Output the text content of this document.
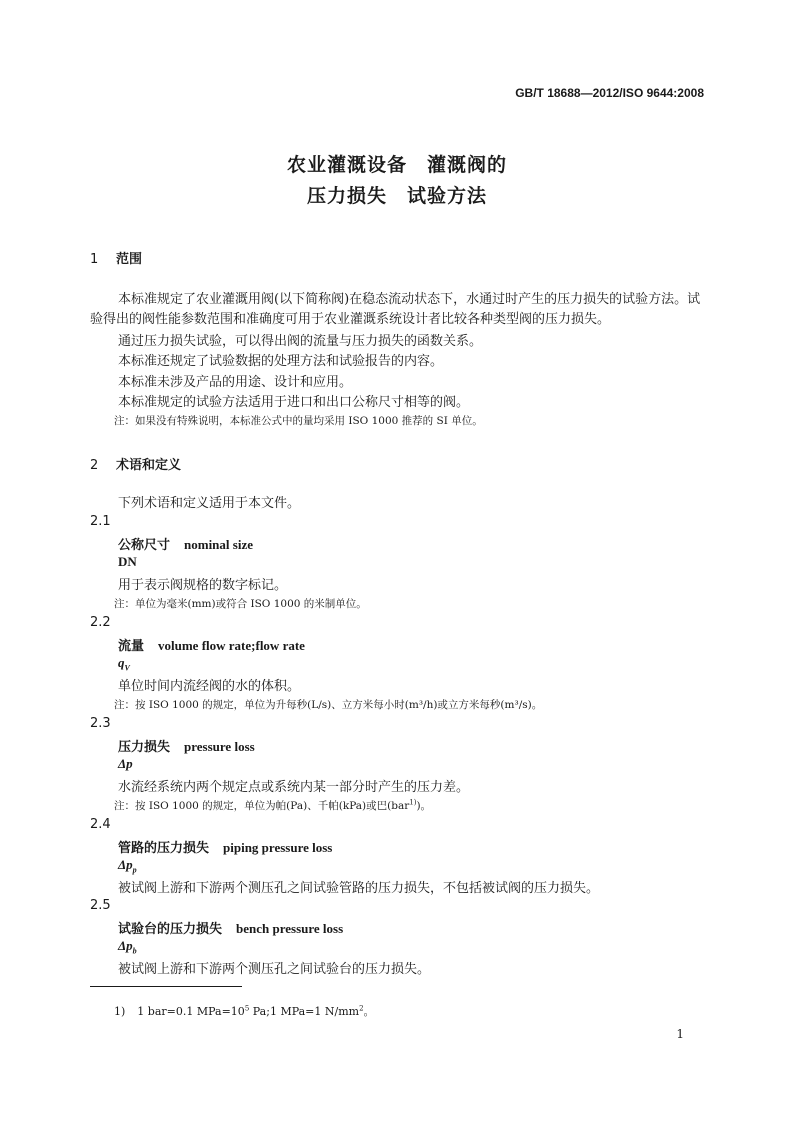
GB/T 18688—2012/ISO 9644:2008
农业灌溉设备　灌溉阀的
压力损失　试验方法
1 范围
本标准规定了农业灌溉用阀(以下简称阀)在稳态流动状态下，水通过时产生的压力损失的试验方法。试验得出的阀性能参数范围和准确度可用于农业灌溉系统设计者比较各种类型阀的压力损失。
通过压力损失试验，可以得出阀的流量与压力损失的函数关系。
本标准还规定了试验数据的处理方法和试验报告的内容。
本标准未涉及产品的用途、设计和应用。
本标准规定的试验方法适用于进口和出口公称尺寸相等的阀。
注：如果没有特殊说明，本标准公式中的量均采用 ISO 1000 推荐的 SI 单位。
2 术语和定义
下列术语和定义适用于本文件。
2.1
公称尺寸 nominal size
DN
用于表示阀规格的数字标记。
注：单位为毫米(mm)或符合 ISO 1000 的米制单位。
2.2
流量 volume flow rate;flow rate
$q_V$
单位时间内流经阀的水的体积。
注：按 ISO 1000 的规定，单位为升每秒(L/s)、立方米每小时(m³/h)或立方米每秒(m³/s)。
2.3
压力损失 pressure loss
Δp
水流经系统内两个规定点或系统内某一部分时产生的压力差。
注：按 ISO 1000 的规定，单位为帕(Pa)、千帕(kPa)或巴(bar$^{1)}$)。
2.4
管路的压力损失 piping pressure loss
$\Delta p_p$
被试阀上游和下游两个测压孔之间试验管路的压力损失，不包括被试阀的压力损失。
2.5
试验台的压力损失 bench pressure loss
$\Delta p_b$
被试阀上游和下游两个测压孔之间试验台的压力损失。
1) 1 bar=0.1 $MPa=10^5$ Pa;1 MPa=1 $N/mm^2$。
1
